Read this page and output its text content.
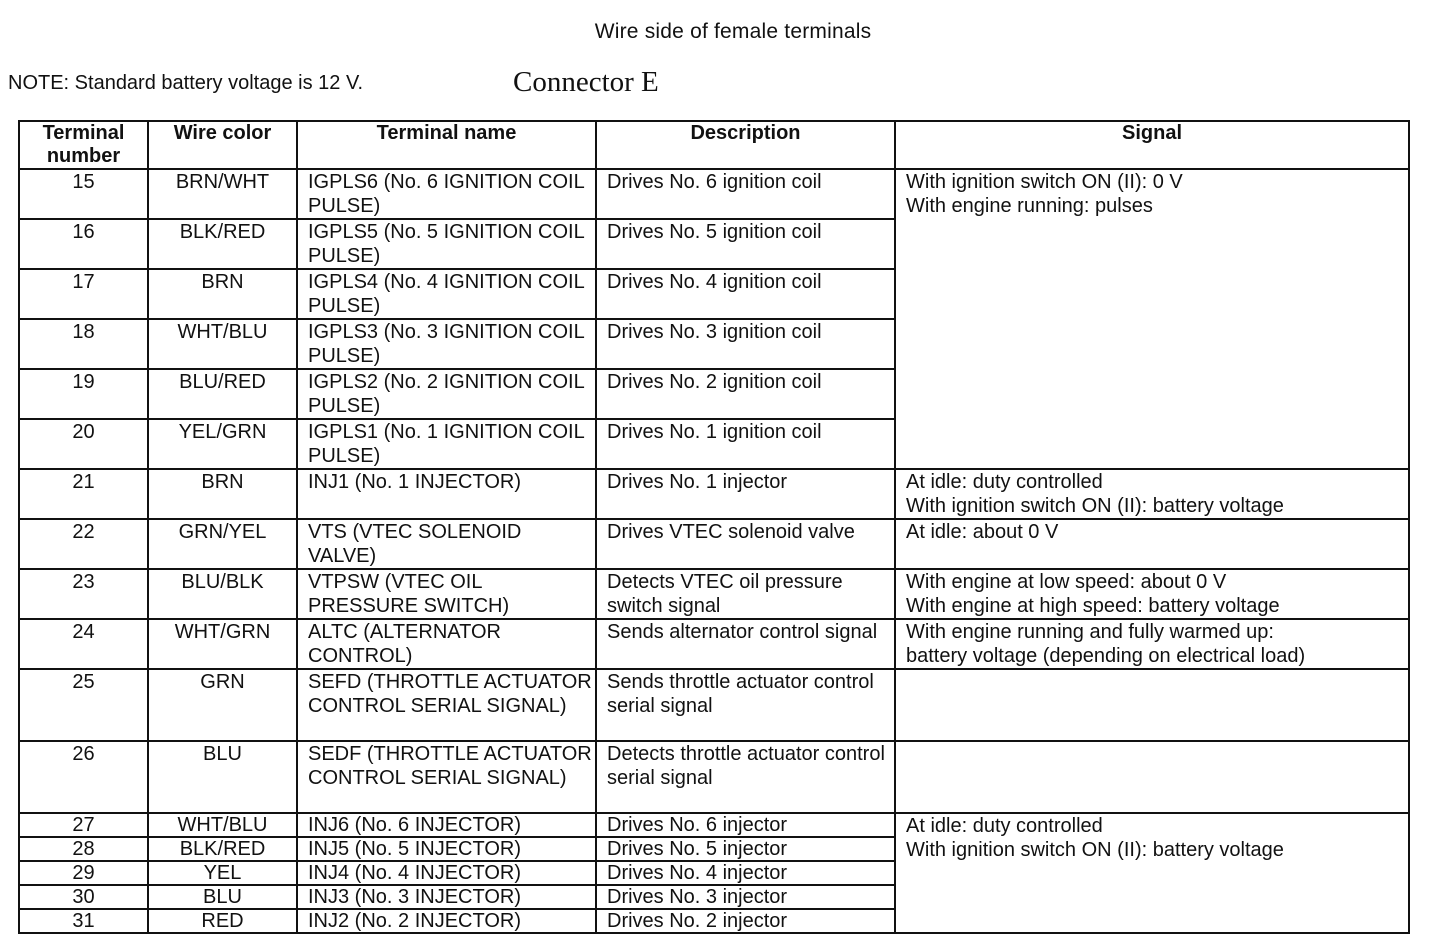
Wire side of female terminals
NOTE: Standard battery voltage is 12 V.	Connector E
Terminal number	Wire color	Terminal name	Description	Signal
15	BRN/WHT	IGPLS6 (No. 6 IGNITION COIL PULSE)	Drives No. 6 ignition coil	With ignition switch ON (II): 0 V
With engine running: pulses

16	BLK/RED	IGPLS5 (No. 5 IGNITION COIL PULSE)	Drives No. 5 ignition coil	
17	BRN	IGPLS4 (No. 4 IGNITION COIL PULSE)	Drives No. 4 ignition coil	
18	WHT/BLU	IGPLS3 (No. 3 IGNITION COIL PULSE)	Drives No. 3 ignition coil	
19	BLU/RED	IGPLS2 (No. 2 IGNITION COIL PULSE)	Drives No. 2 ignition coil	
20	YEL/GRN	IGPLS1 (No. 1 IGNITION COIL PULSE)	Drives No. 1 ignition coil	
21	BRN	INJ1 (No. 1 INJECTOR)	Drives No. 1 injector	At idle: duty controlled
With ignition switch ON (II): battery voltage

22	GRN/YEL	VTS (VTEC SOLENOID VALVE)	Drives VTEC solenoid valve	At idle: about 0 V
23	BLU/BLK	VTPSW (VTEC OIL PRESSURE SWITCH)	Detects VTEC oil pressure switch signal	With engine at low speed: about 0 V
With engine at high speed: battery voltage

24	WHT/GRN	ALTC (ALTERNATOR CONTROL)	Sends alternator control signal	With engine running and fully warmed up:
battery voltage (depending on electrical load)

25	GRN	SEFD (THROTTLE ACTUATOR CONTROL SERIAL SIGNAL)	Sends throttle actuator control serial signal	
26	BLU	SEDF (THROTTLE ACTUATOR CONTROL SERIAL SIGNAL)	Detects throttle actuator control serial signal	
27	WHT/BLU	INJ6 (No. 6 INJECTOR)	Drives No. 6 injector	At idle: duty controlled
With ignition switch ON (II): battery voltage

28	BLK/RED	INJ5 (No. 5 INJECTOR)	Drives No. 5 injector	
29	YEL	INJ4 (No. 4 INJECTOR)	Drives No. 4 injector	
30	BLU	INJ3 (No. 3 INJECTOR)	Drives No. 3 injector	
31	RED	INJ2 (No. 2 INJECTOR)	Drives No. 2 injector	
